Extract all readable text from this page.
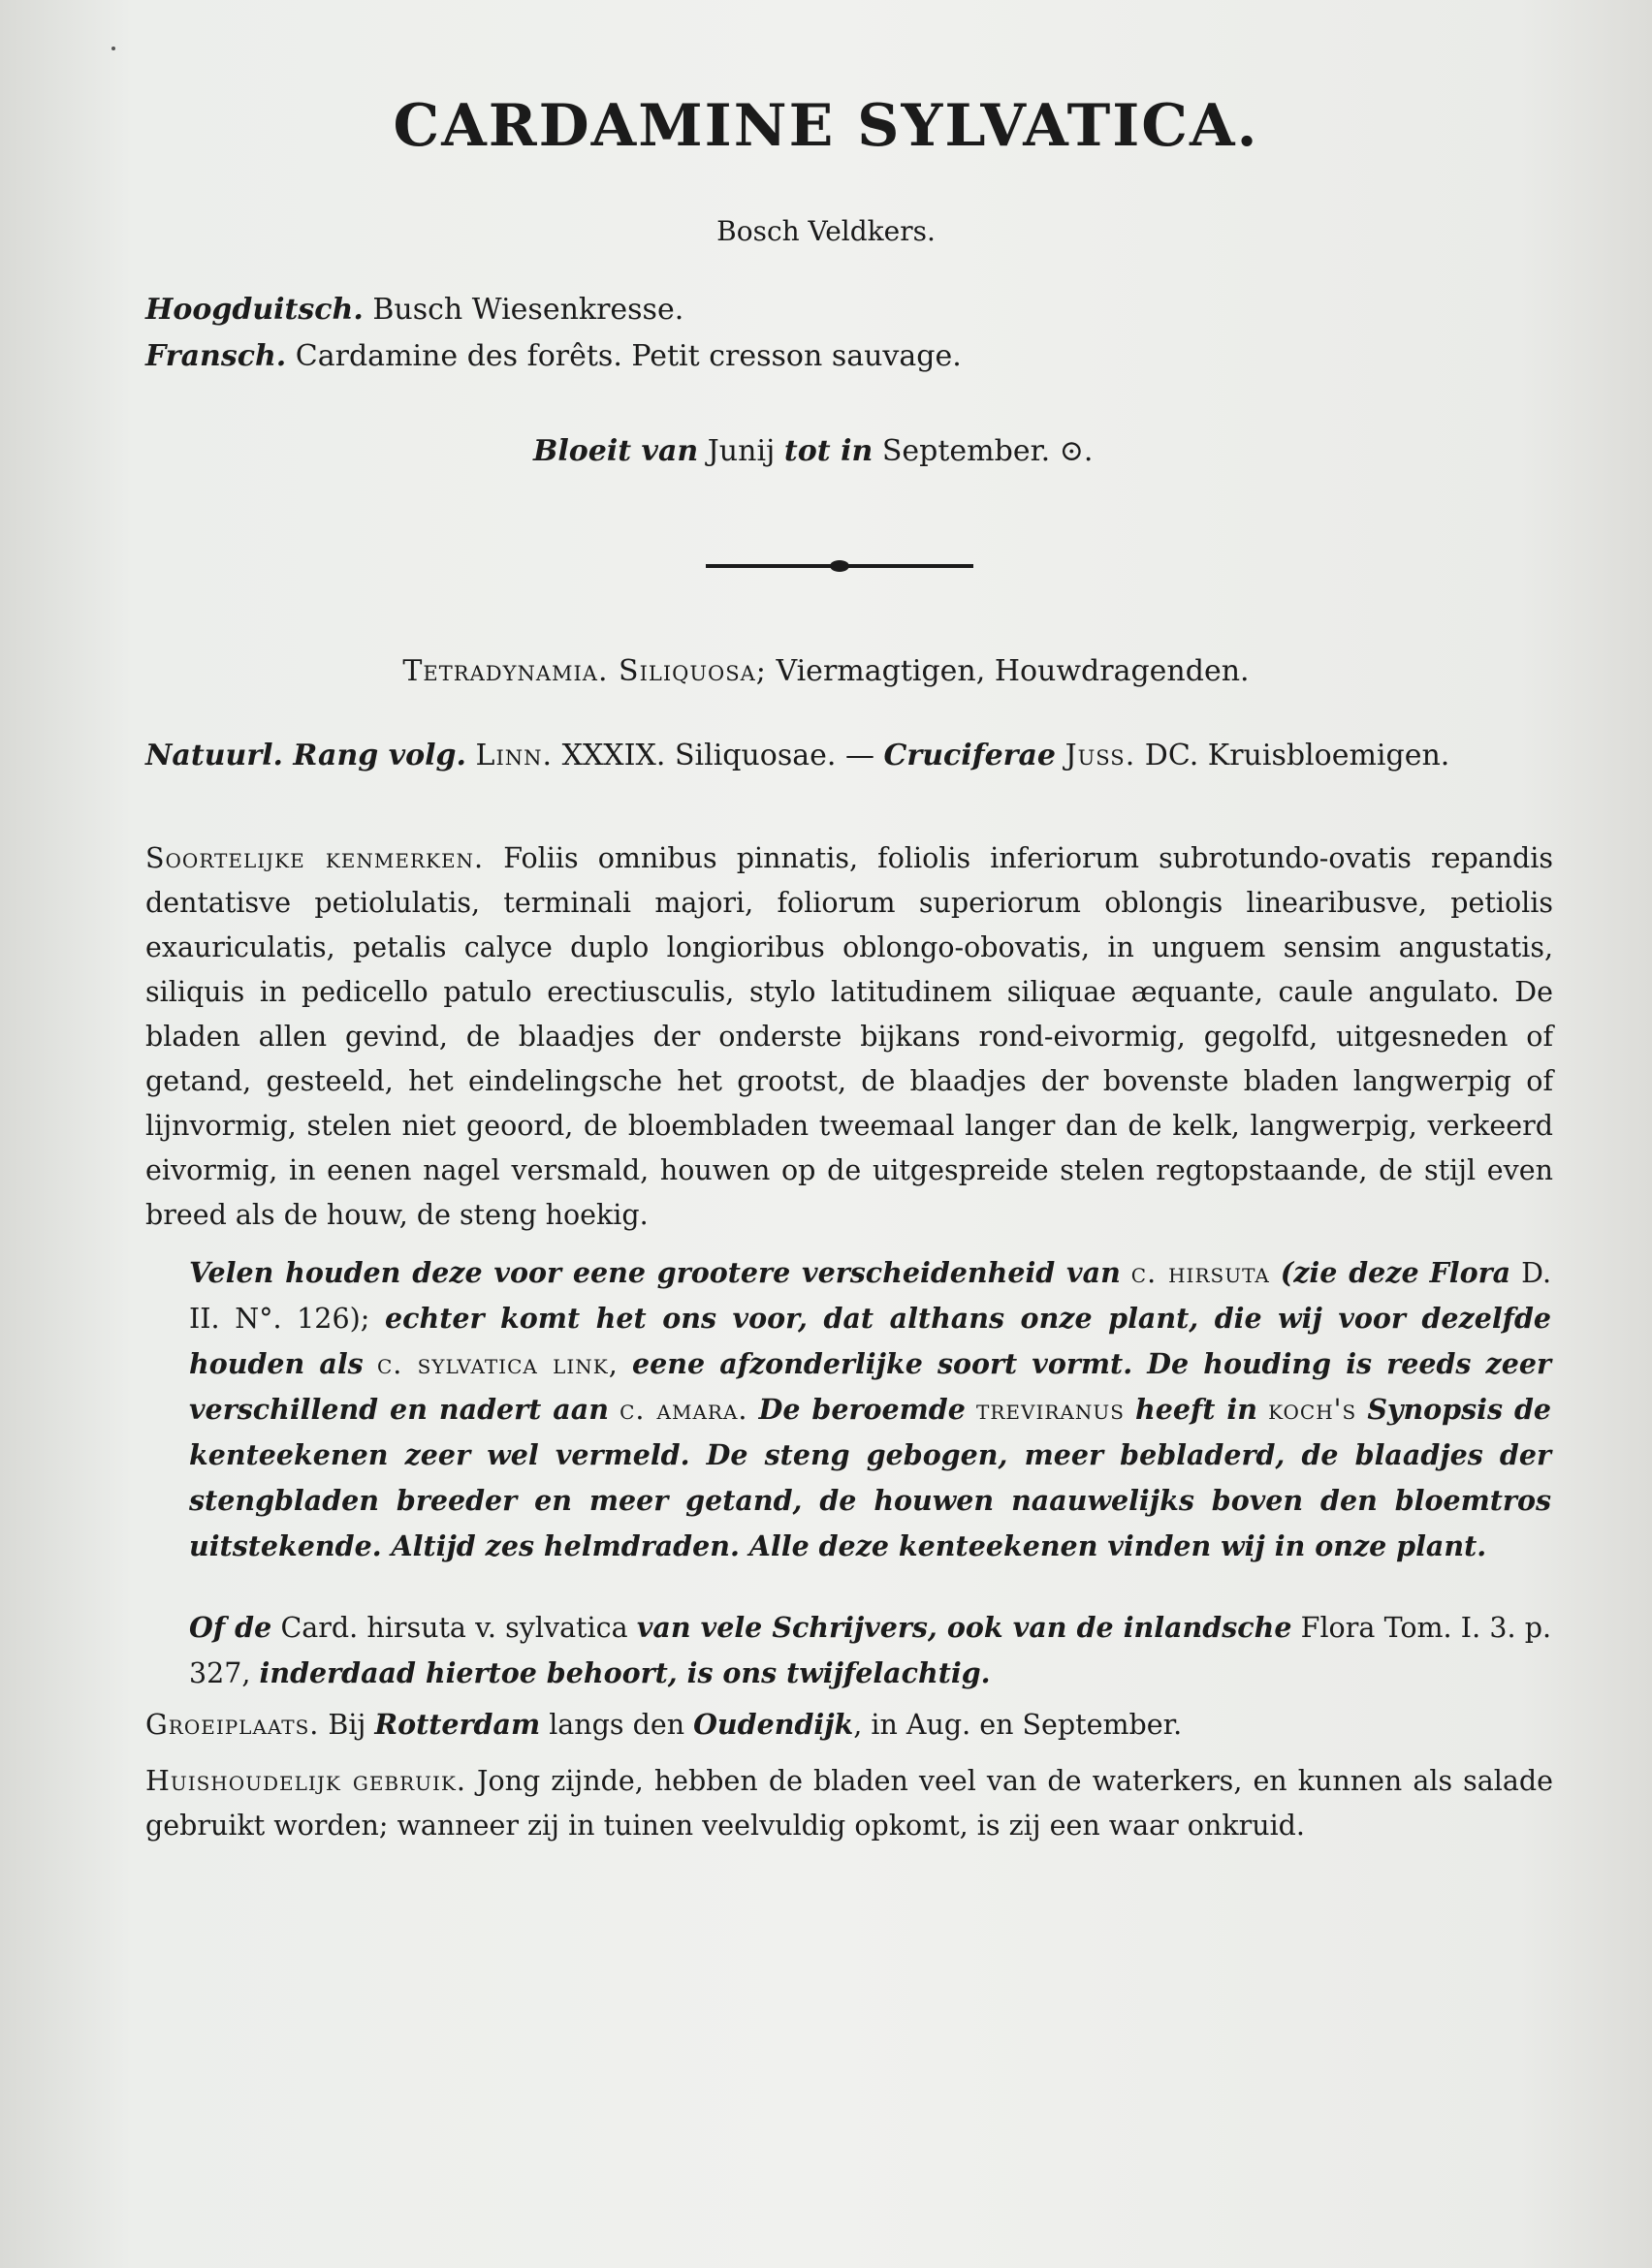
CARDAMINE SYLVATICA.
Bosch Veldkers.
Hoogduitsch. Busch Wiesenkresse.
Fransch. Cardamine des forêts. Petit cresson sauvage.
Bloeit van Junij tot in September. ⊙.
Tetradynamia. Siliquosa; Viermagtigen, Houwdragenden.
Natuurl. Rang volg. Linn. XXXIX. Siliquosae. — Cruciferae Juss. DC. Kruisbloemigen.
Soortelijke kenmerken. Foliis omnibus pinnatis, foliolis inferiorum subrotundo-ovatis repandis dentatisve petiolulatis, terminali majori, foliorum superiorum oblongis linearibusve, petiolis exauriculatis, petalis calyce duplo longioribus oblongo-obovatis, in unguem sensim angustatis, siliquis in pedicello patulo erectiusculis, stylo latitudinem siliquae æquante, caule angulato. De bladen allen gevind, de blaadjes der onderste bijkans rond-eivormig, gegolfd, uitgesneden of getand, gesteeld, het eindelingsche het grootst, de blaadjes der bovenste bladen langwerpig of lijnvormig, stelen niet geoord, de bloembladen tweemaal langer dan de kelk, langwerpig, verkeerd eivormig, in eenen nagel versmald, houwen op de uitgespreide stelen regtopstaande, de stijl even breed als de houw, de steng hoekig.
Velen houden deze voor eene grootere verscheidenheid van c. hirsuta (zie deze Flora D. II. N°. 126); echter komt het ons voor, dat althans onze plant, die wij voor dezelfde houden als c. sylvatica link, eene afzonderlijke soort vormt. De houding is reeds zeer verschillend en nadert aan c. amara. De beroemde treviranus heeft in koch's Synopsis de kenteekenen zeer wel vermeld. De steng gebogen, meer bebladerd, de blaadjes der stengbladen breeder en meer getand, de houwen naauwelijks boven den bloemtros uitstekende. Altijd zes helmdraden. Alle deze kenteekenen vinden wij in onze plant.
Of de Card. hirsuta v. sylvatica van vele Schrijvers, ook van de inlandsche Flora Tom. I. 3. p. 327, inderdaad hiertoe behoort, is ons twijfelachtig.
Groeiplaats. Bij Rotterdam langs den Oudendijk, in Aug. en September.
Huishoudelijk gebruik. Jong zijnde, hebben de bladen veel van de waterkers, en kunnen als salade gebruikt worden; wanneer zij in tuinen veelvuldig opkomt, is zij een waar onkruid.
